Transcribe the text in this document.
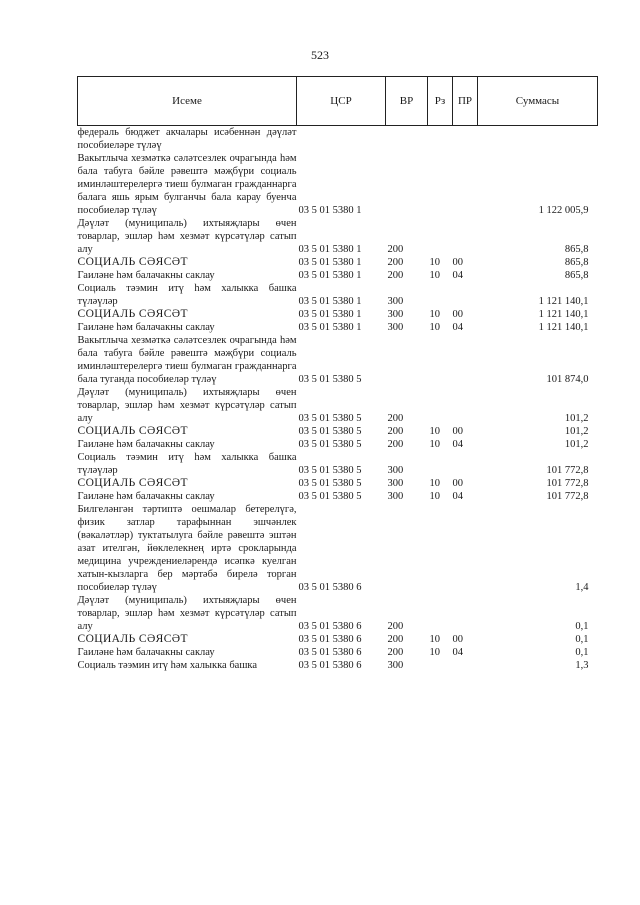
523
Исеме	ЦСР	ВР	Рз	ПР	Суммасы
федераль бюджет акчалары исәбеннән дәүләт пособиеләре түләү					
Вакытлыча хезмәткә сәләтсезлек очрагында һәм бала табуга бәйле рәвештә мәҗбүри социаль иминләштерелергә тиеш булмаган гражданнарга балага яшь ярым булганчы бала карау буенча пособиеләр түләү	03 5 01 5380 1				1 122 005,9
Дәүләт (муниципаль) ихтыяҗлары өчен товарлар, эшләр һәм хезмәт күрсәтүләр сатып алу	03 5 01 5380 1	200			865,8
СОЦИАЛЬ СӘЯСӘТ	03 5 01 5380 1	200	10	00	865,8
Гаиләне һәм балачакны саклау	03 5 01 5380 1	200	10	04	865,8
Социаль тәэмин итү һәм халыкка башка түләүләр	03 5 01 5380 1	300			1 121 140,1
СОЦИАЛЬ СӘЯСӘТ	03 5 01 5380 1	300	10	00	1 121 140,1
Гаиләне һәм балачакны саклау	03 5 01 5380 1	300	10	04	1 121 140,1
Вакытлыча хезмәткә сәләтсезлек очрагында һәм бала табуга бәйле рәвештә мәҗбүри социаль иминләштерелергә тиеш булмаган гражданнарга бала туганда пособиеләр түләү	03 5 01 5380 5				101 874,0
Дәүләт (муниципаль) ихтыяҗлары өчен товарлар, эшләр һәм хезмәт күрсәтүләр сатып алу	03 5 01 5380 5	200			101,2
СОЦИАЛЬ СӘЯСӘТ	03 5 01 5380 5	200	10	00	101,2
Гаиләне һәм балачакны саклау	03 5 01 5380 5	200	10	04	101,2
Социаль тәэмин итү һәм халыкка башка түләүләр	03 5 01 5380 5	300			101 772,8
СОЦИАЛЬ СӘЯСӘТ	03 5 01 5380 5	300	10	00	101 772,8
Гаиләне һәм балачакны саклау	03 5 01 5380 5	300	10	04	101 772,8
Билгеләнгән тәртиптә оешмалар бетерелүгә, физик затлар тарафыннан эшчәнлек (вәкаләтләр) туктатылуга бәйле рәвештә эштән азат ителгән, йөклелекнең иртә срокларында медицина учреждениеләрендә исәпкә куелган хатын-кызларга бер мәртәбә бирелә торган пособиеләр түләү	03 5 01 5380 6				1,4
Дәүләт (муниципаль) ихтыяҗлары өчен товарлар, эшләр һәм хезмәт күрсәтүләр сатып алу	03 5 01 5380 6	200			0,1
СОЦИАЛЬ СӘЯСӘТ	03 5 01 5380 6	200	10	00	0,1
Гаиләне һәм балачакны саклау	03 5 01 5380 6	200	10	04	0,1
Социаль тәэмин итү һәм халыкка башка	03 5 01 5380 6	300			1,3
